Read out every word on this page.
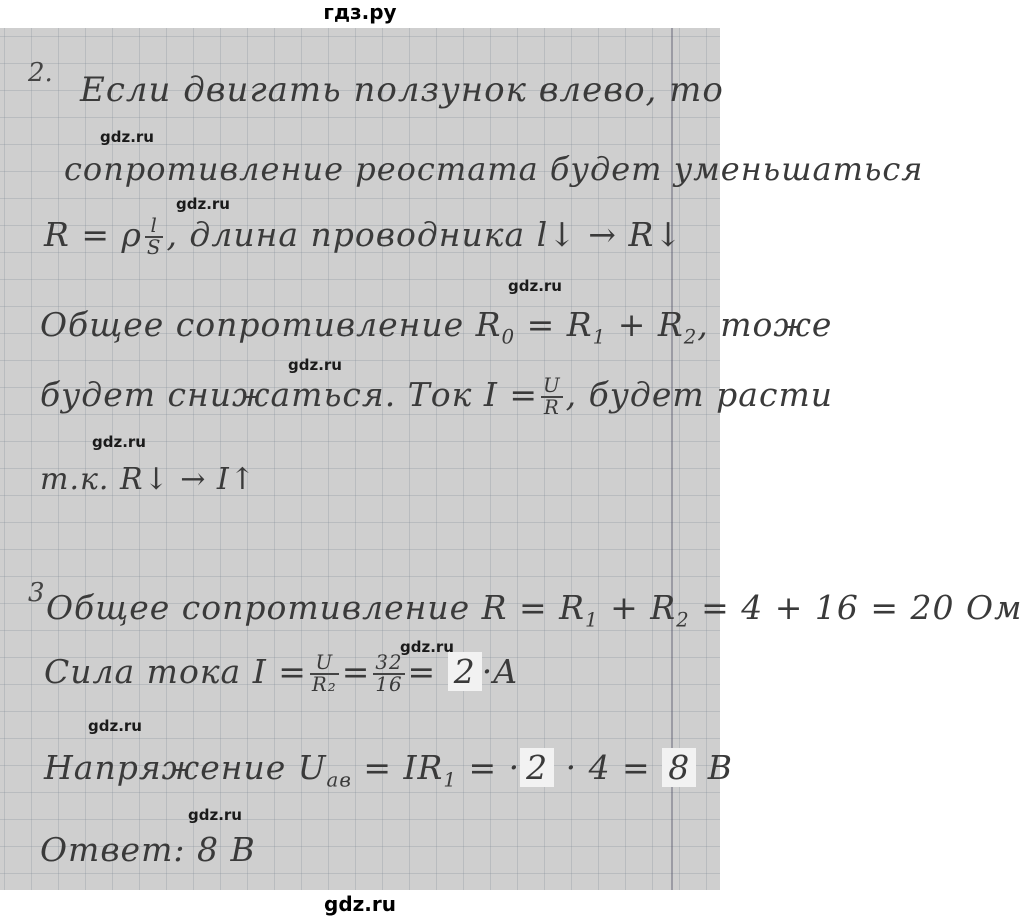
гдз.ру
2. Если двигать ползунок влево, то
сопротивление реостата будет уменьшаться
R = ρ $\frac{l}{S}$ , длина проводника l↓ → R↓
Общее сопротивление $R_0 = R_1 + R_2$, тоже
будет снижаться. Ток $I = \frac{U}{R}$ , будет расти
т.к. R↓ → I↑
3 Общее сопротивление $R = R_1 + R_2 = 4 + 16 = 20$ Ом
Сила тока $I = \frac{U}{\text{R₂}} = \frac{32}{16} = 2 \cdot A$
Напряжение $U_{ав} = IR_1$ = · 2 · 4 = 8 В
Ответ: 8 В
gdz.ru
gdz.ru
gdz.ru
gdz.ru
gdz.ru
gdz.ru
gdz.ru
gdz.ru
gdz.ru
